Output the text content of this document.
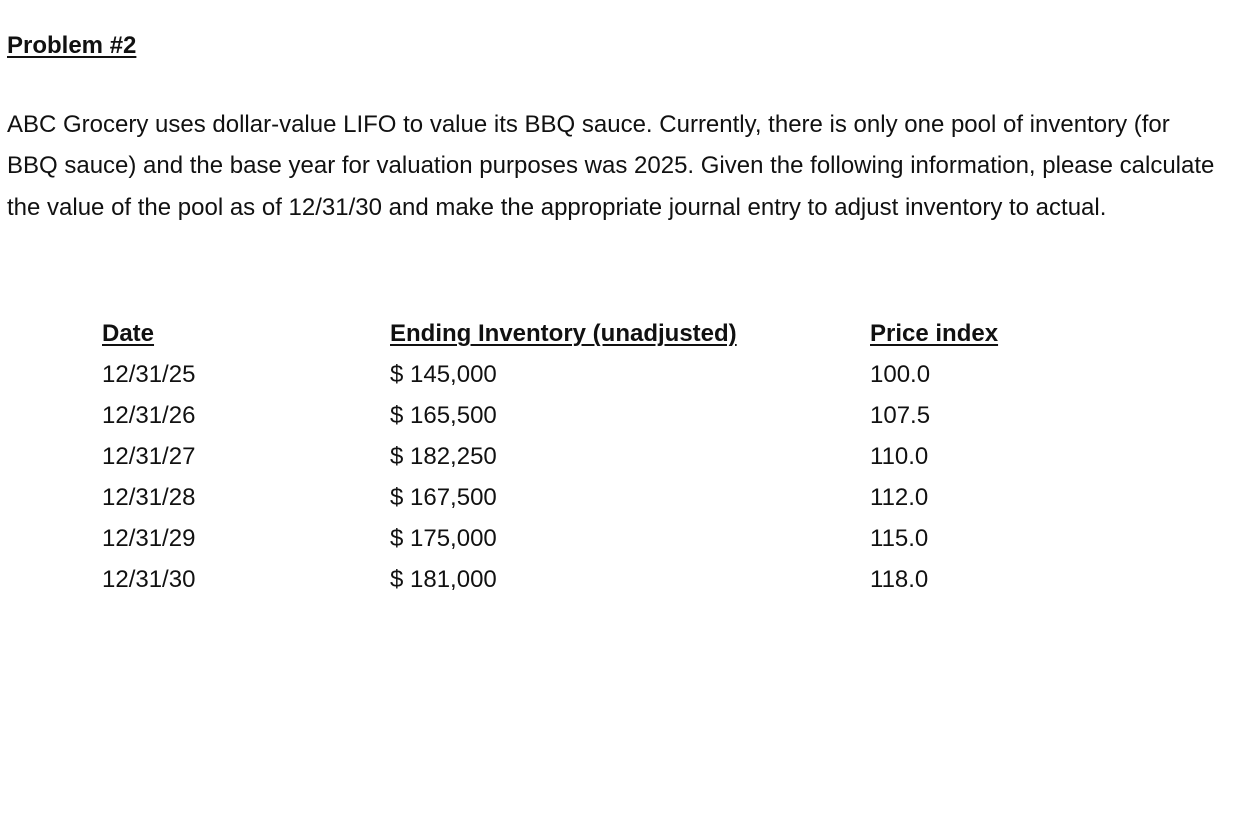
Problem #2

ABC Grocery uses dollar-value LIFO to value its BBQ sauce. Currently, there is only one pool of inventory (for BBQ sauce) and the base year for valuation purposes was 2025. Given the following information, please calculate the value of the pool as of 12/31/30 and make the appropriate journal entry to adjust inventory to actual.

Date	Ending Inventory (unadjusted)	Price index
12/31/25	$ 145,000	100.0
12/31/26	$ 165,500	107.5
12/31/27	$ 182,250	110.0
12/31/28	$ 167,500	112.0
12/31/29	$ 175,000	115.0
12/31/30	$ 181,000	118.0
